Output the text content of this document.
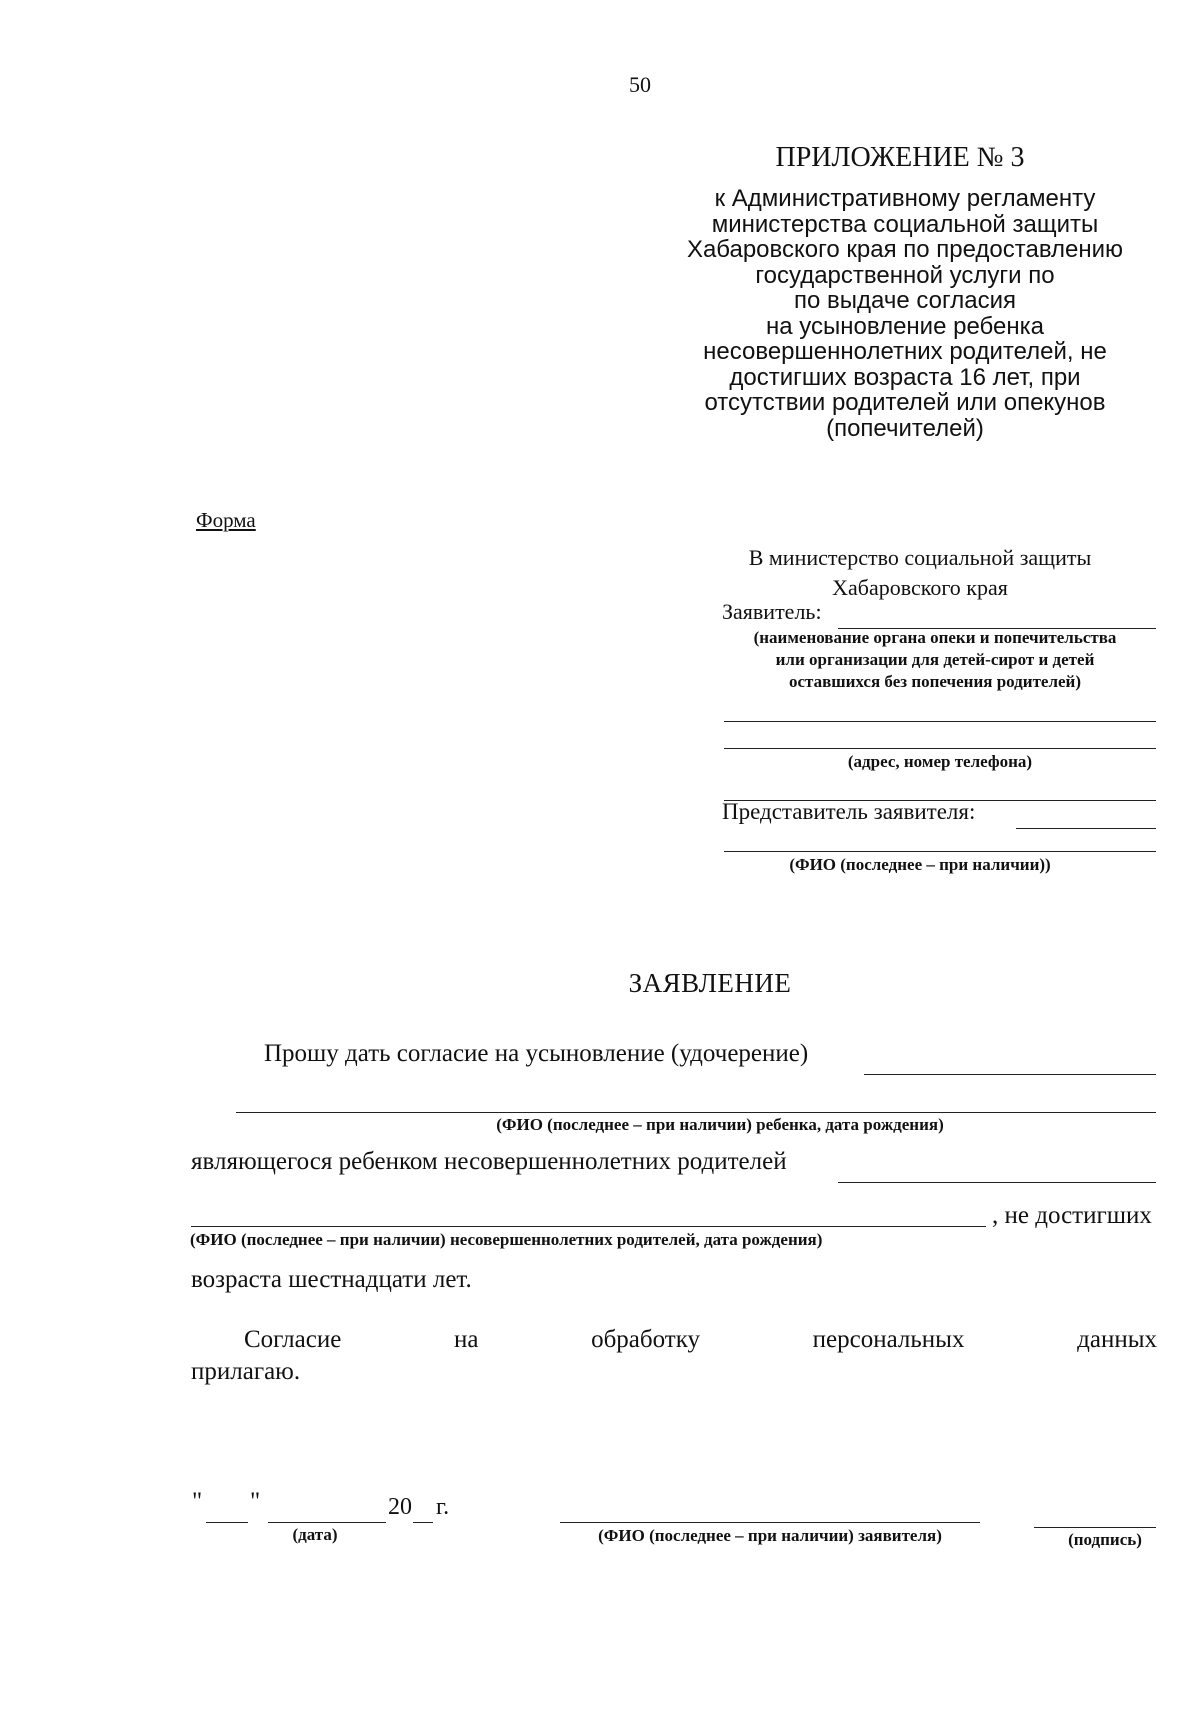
50
ПРИЛОЖЕНИЕ № 3
к Административному регламенту
министерства социальной защиты
Хабаровского края по предоставлению
государственной услуги по
по выдаче согласия
на усыновление ребенка
несовершеннолетних родителей, не
достигших возраста 16 лет, при
отсутствии родителей или опекунов
(попечителей)
Форма
В министерство социальной защиты
Хабаровского края
Заявитель:
(наименование органа опеки и попечительства
или организации для детей-сирот и детей
оставшихся без попечения родителей)
(адрес, номер телефона)
Представитель заявителя:
(ФИО (последнее – при наличии))
ЗАЯВЛЕНИЕ
Прошу дать согласие на усыновление (удочерение)
(ФИО (последнее – при наличии) ребенка, дата рождения)
являющегося ребенком несовершеннолетних родителей
, не достигших
(ФИО (последнее – при наличии) несовершеннолетних родителей, дата рождения)
возраста шестнадцати лет.
Согласие	на	обработку	персональных	данных
прилагаю.
" "	20 г.
(дата)	(ФИО (последнее – при наличии) заявителя)	(подпись)
